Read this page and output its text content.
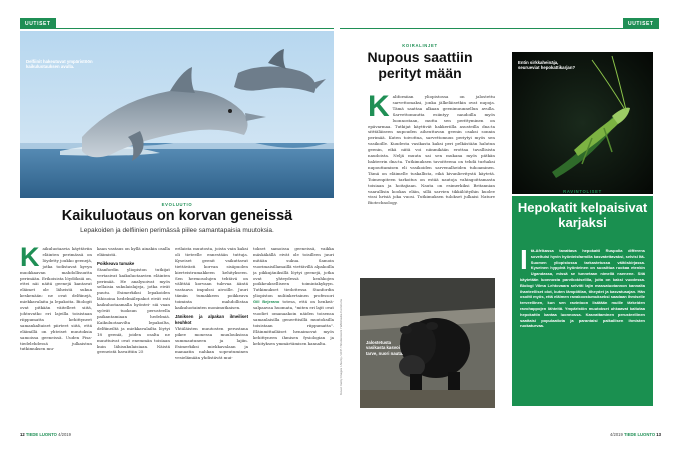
UUTISET	UUTISET
Delfiinit hakeutuvat ympäristöön kaikuluotauksen avulla.
EVOLUUTIO
Kaikuluotaus on korvan geneissä
Lepakoiden ja delfiinien perimässä piilee samantapaisia muutoksia.
K aikuluotaavia käyttäviin eläinten perimässä on löydetty joukko geenejä, jotka todistavat kyvyn muokkaavan mahdollisuutta perimään. Erikoisista löydöksiä on, ettei näi näitä geenejä kantavat eläimet ole läheistä sukua keskenään: ne ovat delfiinejä, miekkavalaita ja lepakoita. Biologit ovat pitkään väitelleet siitä, johtuvatko eri lajeilla toisistaan riippumatta kehittyneet samankaltaiset piirteet siitä, että eläimillä on yhteiset muutoksia samoissa geeneissä. Uuden Pisa-tiedelehdessä julkaistun tutkimuksen mu-
kaan vastaus on kyllä ainakin osalla eläimistä.
Poikkeava tumake
Stanfordin yliopiston tutkijat vertasivat kaikuluotaavien eläinten perimää. He analysoivat myös sellaisia sukulaislajeja, jotka eivät puutu. Esimerkiksi lepakoiden lähisoina hedelmälepakot eivät esti kaikuluotaamalla hyöntei- siä vaan syövät tuoksun perusteella paikantamiaan hedelmiä. Kaikuluotaavilta lepakoilta, delfiineiltä ja miekkavalailta löytyi 18 geeniä, joiden osalta ne muuttuivat ovat enemmän toisiaan kuin lähisukulaisiaan. Näistä geeneistä havaittiin 25
erilaista muutosta, joista vain kaksi oli tieteelle ennestään tuttuja. Kyseiset geenit vaikuttavat tiettävästi korvan sisäpuolen kierteistrumakkeen kehitykseen. Sen hermosolujen tehtävä on välittää korvaan tulevaa ääntä vastaava impulssi aivoille. Juuri tämän tumakkeen poikkeava toiminta mahdollistaa kaikuluotainten monimutkaisen.
Jäniksen ja alpakan ilmeiliset keuhkot
Yhtäläisten muutosten perustana pikee monessa muulouksissa summautuneen ja lajiin. Esimerkiksi miekkavalaan ja manaatin nahkan sopeutuminen vesielämään yhdistävät mui-
tokset samoissa geeneissä, vaikka mäskäkällä eivät ole toisilleen juuri mitään sukua. Samoin vuorimaisillamaillä viettävillä alpakoilla ja pikkujäniksillä löytyi geenejä, jotka ovat yhteydessä keuhkojen poikkeukselliseen toimintakykyyn. Tutkimukset tiedottessa Stanfordin yliopiston nuliinkertainen professori Gill Bejerano totesa, että on henkeä-salpaavaa huomata, "miten eri lajit ovat vuodiet omanaakoin näiden toisensa samanlaisilla geneettisillä muutoksilla toisistaan riippumatta". Eläinmittailäiset henaimovat myös kehittyneen ihmisen fysiologian ja kehityksen ymmärtämisen kannalta.	Kuvat: Getty Images / Alamy / AFP / Shutterstock / Wikimedia Commons
KOIRALINJET
Nupous saattiin perityt mään
K aliforniian yliopistossa on jalostettu sarvettomaksi, jonka jälkeläisetkin ovat nupoja. Tämä saattaa alkaan geenimuunnellun avulla. Sarvettomuutta esiintyy naudoilla myös luonnostaan, mutta sen perittyminen on epävarmaa. Tutkijat käyttivät hakkeriilla asusteilla dna:ta sitttäläiseen nupouden aiheuttavan geenin osaksi sonnin perimää. Kuten toivottua, sarvettomuus periytyi myös sen vasikoille. Kuudesta vasikasta kaksi peri pelkästään halutun geenin, eikä niitä voi niinmikään erottaa tavallisista naudoista. Neljä muuta sai sen mukana myös pätkän bakteerin dna:ta. Tutkimuksen tavoitteena on tehdä turhaksi nupouttamisen eli vasikoiden sarvenalheiden tuhoaminen. Tämä on eläimelle tuskallista, eikä kivunlievitystä käytetä. Toimenpiteen tarkoitus on estää nautoja vahingoittamasta toisiaan ja hoitajiaan. Nauta on esimerkiksi Britannian vaarallisin kookas eläin, sillä sarvien tikkälöityihin kuolee vissi hrtsiä joka vuosi. Tutkimuksen tulokset julkaisi Nature Biotechnology.
Jalostetusta vasikasta kasvoi tarve, nuori nauta.
Entin sirkkaheinäja, seurueviat hepokattikarjan?
RAVINTOLISET
Hepokatit kelpaisivat karjaksi
I tä-Afrikassa tavattava hepokatti Ruspolia differens soveltuisi hyvin hyönteisfarmilla kasvatettavaksi, selvisi Itä-Suomen yliopistossa tarkastetussa väitöskirjassa. Kyseinen hyppivä hyönteinen on suosittua ruokaa etenkin Ugandassa, missä se tunnetaan nimellä nsenene. Sitä käytetään luonnosta parvikokiselilla, joita on kaksi vuodessa. Biologi Vilma Lehtovaara selvitti lajin massatuotannon kannalta ihanteelliset olot, kuten lämpötilan, tiheydet ja kasvatusajan. Hän osoitti myös, että eläimen ravakoostumukseksi saadaan ihmiselle terveellinen, kun sen ravintoon lisätään muille tärkeiden ravohappojen lähteitä. Ympäristön muutokset uhkaavat kaitutaa hepokattin kantaa luonnossa. Kasvattaminen perusteellinen saattaisi populaatiota ja parantaisi paikallisen ihmisten ruokaturvaa.
12 TIEDE LUONTO 4/2019	4/2019 TIEDE LUONTO 13
